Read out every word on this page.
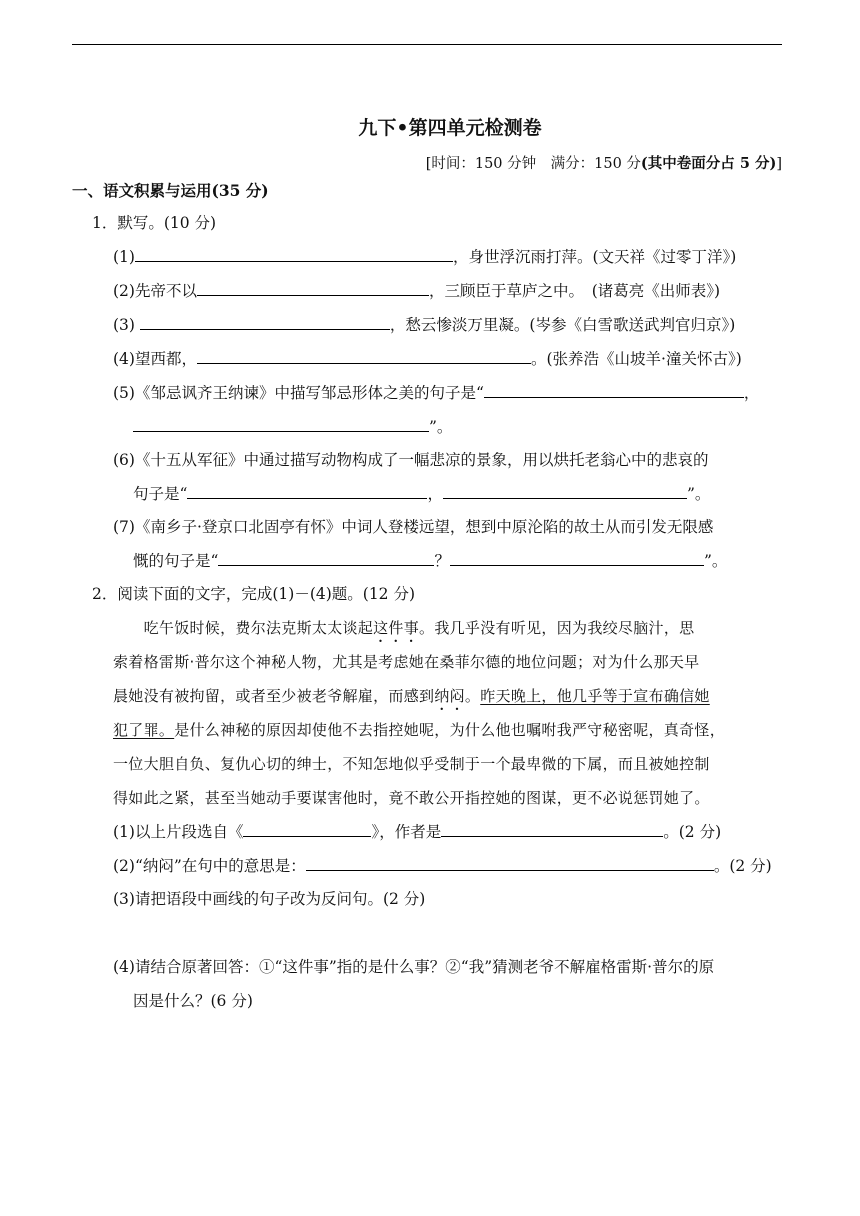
九下•第四单元检测卷
[时间：150 分钟　满分：150 分(其中卷面分占 5 分)]
一、语文积累与运用(35 分)
1．默写。(10 分)
(1)	，身世浮沉雨打萍。(文天祥《过零丁洋》)
(2)先帝不以	，三顾臣于草庐之中。　(诸葛亮《出师表》)
(3)	，愁云惨淡万里凝。(岑参《白雪歌送武判官归京》)
(4)望西都，	。(张养浩《山坡羊·潼关怀古》)
(5)《邹忌讽齐王纳谏》中描写邹忌形体之美的句子是“	，
”。
(6)《十五从军征》中通过描写动物构成了一幅悲凉的景象，用以烘托老翁心中的悲哀的
句子是“	，	”。
(7)《南乡子·登京口北固亭有怀》中词人登楼远望，想到中原沦陷的故土从而引发无限感
慨的句子是“	？	”。
2．阅读下面的文字，完成(1)－(4)题。(12 分)
　　吃午饭时候，费尔法克斯太太谈起这件事。我几乎没有听见，因为我绞尽脑汁，思
索着格雷斯·普尔这个神秘人物，尤其是考虑她在桑菲尔德的地位问题；对为什么那天早
晨她没有被拘留，或者至少被老爷解雇，而感到纳闷。昨天晚上，他几乎等于宣布确信她
犯了罪。是什么神秘的原因却使他不去指控她呢，为什么他也嘱咐我严守秘密呢，真奇怪，
一位大胆自负、复仇心切的绅士，不知怎地似乎受制于一个最卑微的下属，而且被她控制
得如此之紧，甚至当她动手要谋害他时，竟不敢公开指控她的图谋，更不必说惩罚她了。
(1)以上片段选自《	》，作者是	。(2 分)
(2)“纳闷”在句中的意思是：	。(2 分)
(3)请把语段中画线的句子改为反问句。(2 分)
(4)请结合原著回答：①“这件事”指的是什么事？②“我”猜测老爷不解雇格雷斯·普尔的原
因是什么？(6 分)
